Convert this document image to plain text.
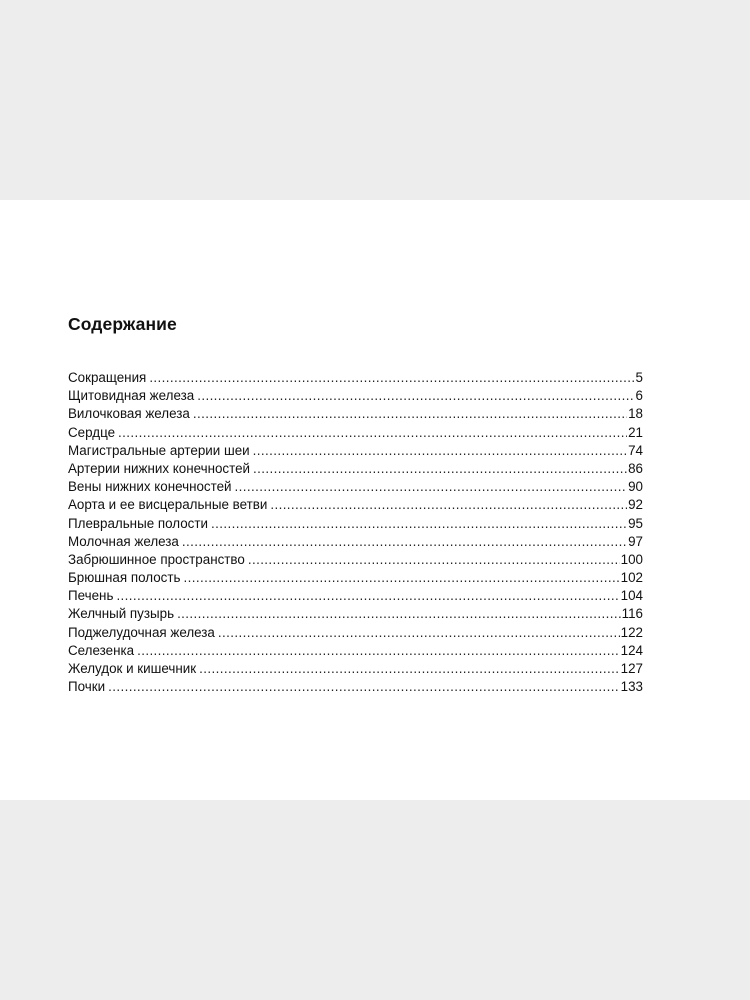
Содержание
Сокращения .....	5
Щитовидная железа .....	6
Вилочковая железа .....	18
Сердце .....	21
Магистральные артерии шеи .....	74
Артерии нижних конечностей .....	86
Вены нижних конечностей .....	90
Аорта и ее висцеральные ветви .....	92
Плевральные полости .....	95
Молочная железа .....	97
Забрюшинное пространство .....	100
Брюшная полость .....	102
Печень .....	104
Желчный пузырь .....	116
Поджелудочная железа .....	122
Селезенка .....	124
Желудок и кишечник .....	127
Почки .....	133
